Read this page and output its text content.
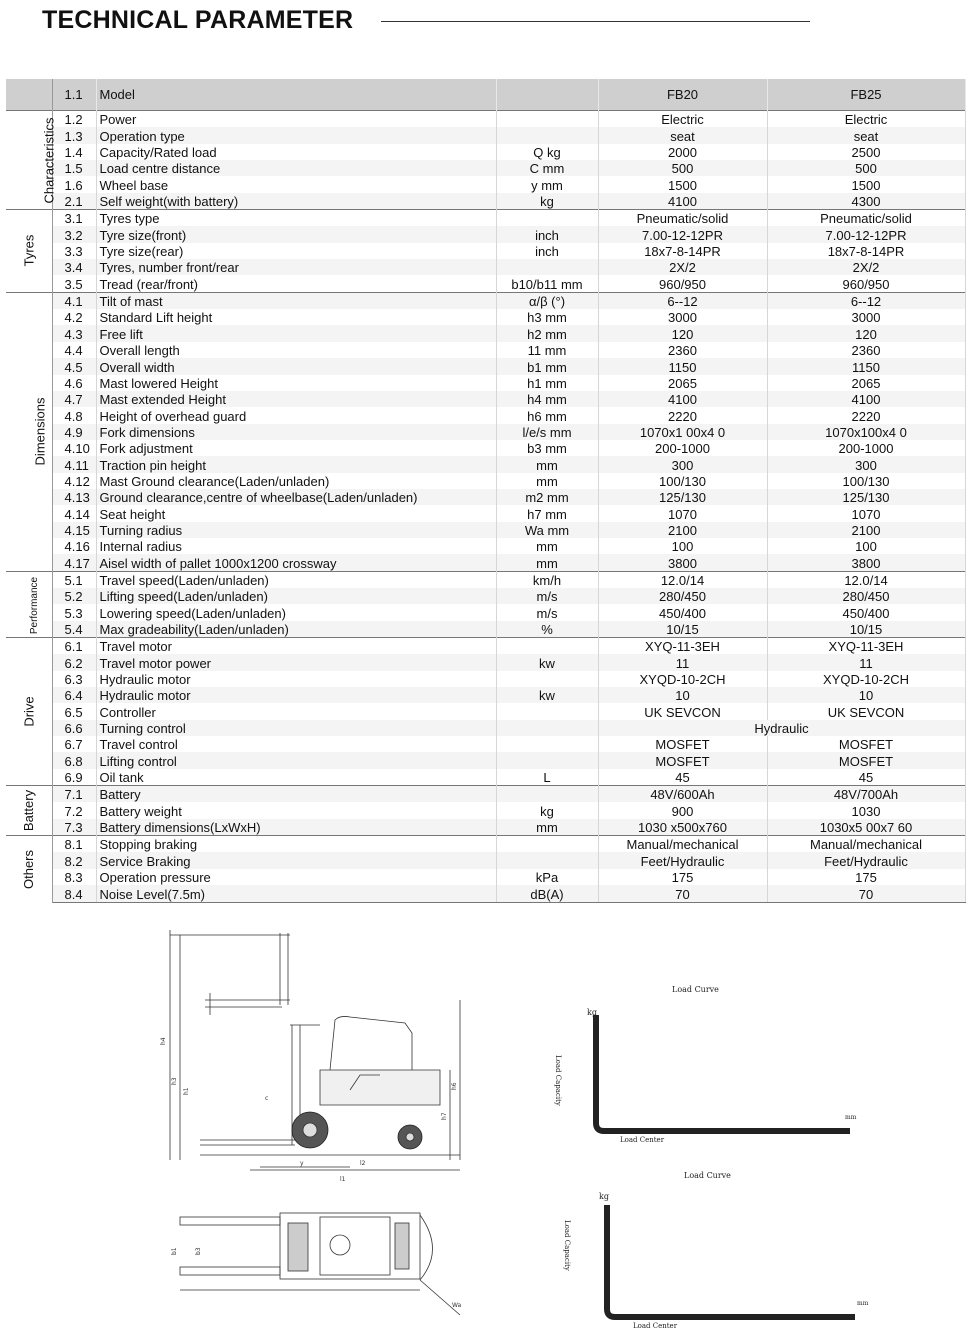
TECHNICAL PARAMETER
	1.1	Model		FB20	FB25
Characteristics	1.2	Power		Electric	Electric
	1.3	Operation type		seat	seat
	1.4	Capacity/Rated load	Q kg	2000	2500
	1.5	Load centre distance	C mm	500	500
	1.6	Wheel base	y mm	1500	1500
	2.1	Self weight(with battery)	kg	4100	4300
Tyres	3.1	Tyres type		Pneumatic/solid	Pneumatic/solid
	3.2	Tyre size(front)	inch	7.00-12-12PR	7.00-12-12PR
	3.3	Tyre size(rear)	inch	18x7-8-14PR	18x7-8-14PR
	3.4	Tyres, number front/rear		2X/2	2X/2
	3.5	Tread (rear/front)	b10/b11 mm	960/950	960/950
Dimensions	4.1	Tilt of mast	α/β (°)	6--12	6--12
	4.2	Standard Lift height	h3 mm	3000	3000
	4.3	Free lift	h2 mm	120	120
	4.4	Overall length	11 mm	2360	2360
	4.5	Overall width	b1 mm	1150	1150
	4.6	Mast lowered Height	h1 mm	2065	2065
	4.7	Mast extended Height	h4 mm	4100	4100
	4.8	Height of overhead guard	h6 mm	2220	2220
	4.9	Fork dimensions	l/e/s mm	1070x1 00x4 0	1070x100x4 0
	4.10	Fork adjustment	b3 mm	200-1000	200-1000
	4.11	Traction pin height	mm	300	300
	4.12	Mast Ground clearance(Laden/unladen)	mm	100/130	100/130
	4.13	Ground clearance,centre of wheelbase(Laden/unladen)	m2 mm	125/130	125/130
	4.14	Seat height	h7 mm	1070	1070
	4.15	Turning radius	Wa mm	2100	2100
	4.16	Internal radius	mm	100	100
	4.17	Aisel width of pallet 1000x1200 crossway	mm	3800	3800
Performance	5.1	Travel speed(Laden/unladen)	km/h	12.0/14	12.0/14
	5.2	Lifting speed(Laden/unladen)	m/s	280/450	280/450
	5.3	Lowering speed(Laden/unladen)	m/s	450/400	450/400
	5.4	Max gradeability(Laden/unladen)	%	10/15	10/15
Drive	6.1	Travel motor		XYQ-11-3EH	XYQ-11-3EH
	6.2	Travel motor power	kw	11	11
	6.3	Hydraulic motor		XYQD-10-2CH	XYQD-10-2CH
	6.4	Hydraulic motor	kw	10	10
	6.5	Controller		UK SEVCON	UK SEVCON
	6.6	Turning control		Hydraulic	
	6.7	Travel control		MOSFET	MOSFET
	6.8	Lifting control		MOSFET	MOSFET
	6.9	Oil tank	L	45	45
Battery	7.1	Battery		48V/600Ah	48V/700Ah
	7.2	Battery weight	kg	900	1030
	7.3	Battery dimensions(LxWxH)	mm	1030 x500x760	1030x5 00x7 60
Others	8.1	Stopping braking		Manual/mechanical	Manual/mechanical
	8.2	Service Braking		Feet/Hydraulic	Feet/Hydraulic
	8.3	Operation pressure	kPa	175	175
	8.4	Noise Level(7.5m)	dB(A)	70	70
h4
h3
h1
h6
h7
y	l2
l1
c
b1	b3
Wa
Load Curve
kg
Load Capacity
Load Center
mm
Load Curve
kg
Load Capacity
Load Center
mm
